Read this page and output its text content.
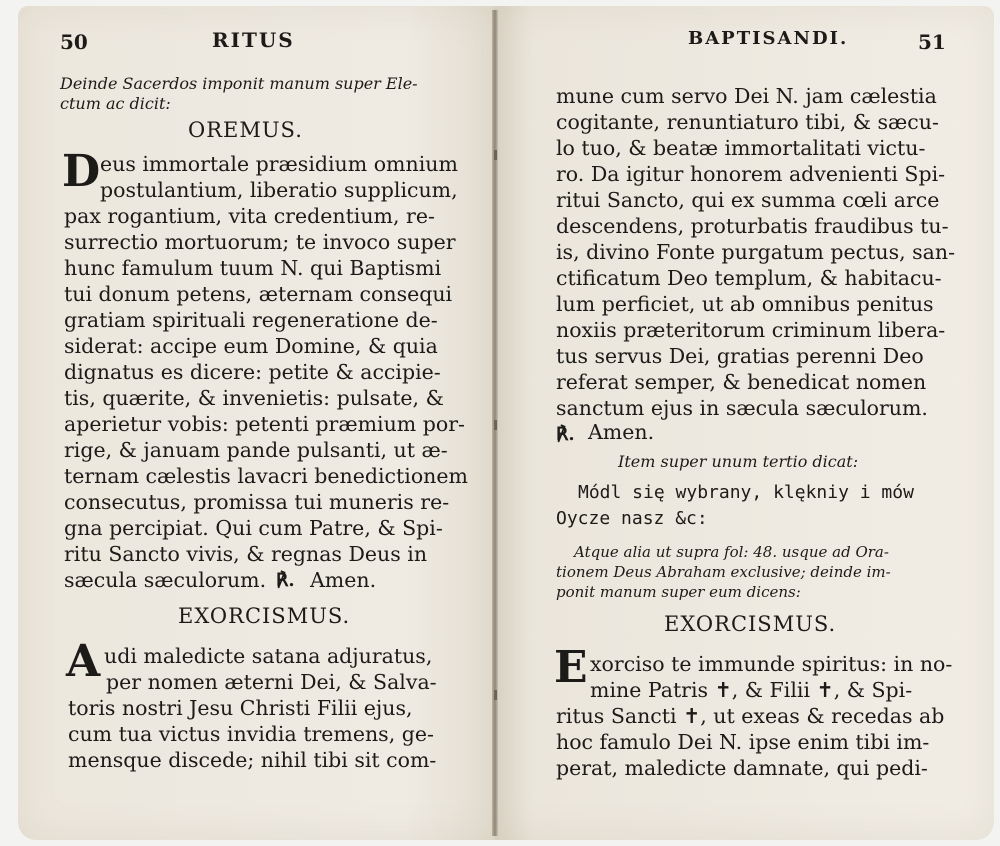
50	RITUS
Deinde Sacerdos imponit manum super Ele-
ctum ac dicit:
OREMUS.
D eus immortale præsidium omnium
postulantium, liberatio supplicum,
pax rogantium, vita credentium, re-
surrectio mortuorum; te invoco super
hunc famulum tuum N. qui Baptismi
tui donum petens, æternam consequi
gratiam spirituali regeneratione de-
siderat: accipe eum Domine, & quia
dignatus es dicere: petite & accipie-
tis, quærite, & invenietis: pulsate, &
aperietur vobis: petenti præmium por-
rige, & januam pande pulsanti, ut æ-
ternam cælestis lavacri benedictionem
consecutus, promissa tui muneris re-
gna percipiat. Qui cum Patre, & Spi-
ritu Sancto vivis, & regnas Deus in
sæcula sæculorum. ℟. Amen.
EXORCISMUS.
A udi maledicte satana adjuratus,
per nomen æterni Dei, & Salva-
toris nostri Jesu Christi Filii ejus,
cum tua victus invidia tremens, ge-
mensque discede; nihil tibi sit com-
BAPTISANDI.	51
mune cum servo Dei N. jam cælestia
cogitante, renuntiaturo tibi, & sæcu-
lo tuo, & beatæ immortalitati victu-
ro. Da igitur honorem advenienti Spi-
ritui Sancto, qui ex summa cœli arce
descendens, proturbatis fraudibus tu-
is, divino Fonte purgatum pectus, san-
ctificatum Deo templum, & habitacu-
lum perficiet, ut ab omnibus penitus
noxiis præteritorum criminum libera-
tus servus Dei, gratias perenni Deo
referat semper, & benedicat nomen
sanctum ejus in sæcula sæculorum.
℟. Amen.
Item super unum tertio dicat:
Módl się wybrany, klękniy i mów
Oycze nasz &c:
Atque alia ut supra fol: 48. usque ad Ora-
tionem Deus Abraham exclusive; deinde im-
ponit manum super eum dicens:
EXORCISMUS.
E xorciso te immunde spiritus: in no-
mine Patris ✝, & Filii ✝, & Spi-
ritus Sancti ✝, ut exeas & recedas ab
hoc famulo Dei N. ipse enim tibi im-
perat, maledicte damnate, qui pedi-
